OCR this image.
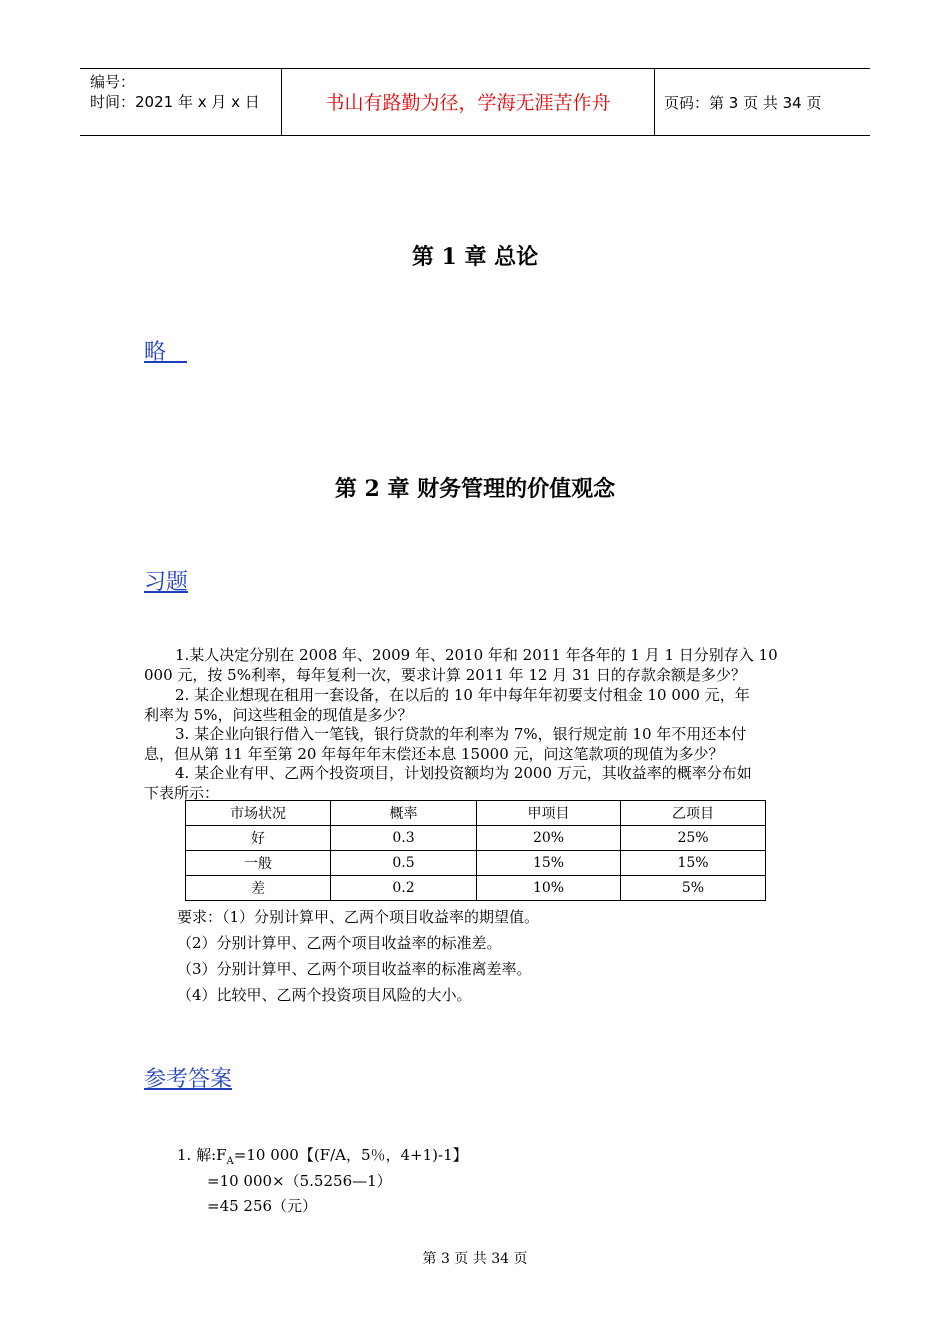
编号：
时间：2021 年 x 月 x 日	书山有路勤为径，学海无涯苦作舟	页码：第 3 页 共 34 页
第 1 章 总论
略
第 2 章 财务管理的价值观念
习题
1.某人决定分别在 2008 年、2009 年、2010 年和 2011 年各年的 1 月 1 日分别存入 10
000 元，按 5%利率，每年复利一次，要求计算 2011 年 12 月 31 日的存款余额是多少？
2. 某企业想现在租用一套设备，在以后的 10 年中每年年初要支付租金 10 000 元，年
利率为 5%，问这些租金的现值是多少？
3. 某企业向银行借入一笔钱，银行贷款的年利率为 7%，银行规定前 10 年不用还本付
息，但从第 11 年至第 20 年每年年末偿还本息 15000 元，问这笔款项的现值为多少？
4. 某企业有甲、乙两个投资项目，计划投资额均为 2000 万元，其收益率的概率分布如
下表所示：
市场状况	概率	甲项目	乙项目
好	0.3	20%	25%
一般	0.5	15%	15%
差	0.2	10%	5%
要求：（1）分别计算甲、乙两个项目收益率的期望值。
（2）分别计算甲、乙两个项目收益率的标准差。
（3）分别计算甲、乙两个项目收益率的标准离差率。
（4）比较甲、乙两个投资项目风险的大小。
参考答案
1. 解$:F_A=10$ 000【(F/A，5％，4+1)-1】
=10 000×（5.5256—1）
=45 256（元）
第 3 页 共 34 页
